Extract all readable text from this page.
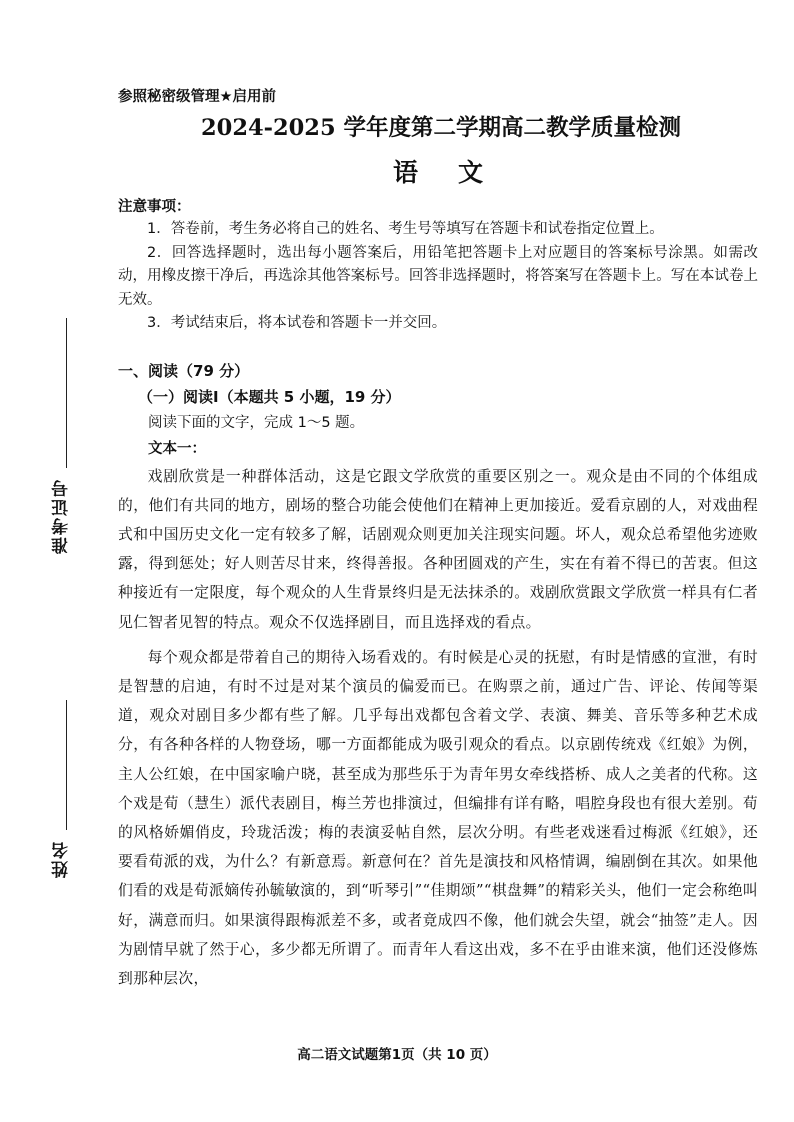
准考证号
姓名
参照秘密级管理★启用前
2024-2025 学年度第二学期高二教学质量检测
语文
注意事项：

1．答卷前，考生务必将自己的姓名、考生号等填写在答题卡和试卷指定位置上。

2．回答选择题时，选出每小题答案后，用铅笔把答题卡上对应题目的答案标号涂黑。如需改动，用橡皮擦干净后，再选涂其他答案标号。回答非选择题时，将答案写在答题卡上。写在本试卷上无效。

3．考试结束后，将本试卷和答题卡一并交回。

一、阅读（79 分）
（一）阅读Ⅰ（本题共 5 小题，19 分）
阅读下面的文字，完成 1～5 题。
文本一：

戏剧欣赏是一种群体活动，这是它跟文学欣赏的重要区别之一。观众是由不同的个体组成的，他们有共同的地方，剧场的整合功能会使他们在精神上更加接近。爱看京剧的人，对戏曲程式和中国历史文化一定有较多了解，话剧观众则更加关注现实问题。坏人，观众总希望他劣迹败露，得到惩处；好人则苦尽甘来，终得善报。各种团圆戏的产生，实在有着不得已的苦衷。但这种接近有一定限度，每个观众的人生背景终归是无法抹杀的。戏剧欣赏跟文学欣赏一样具有仁者见仁智者见智的特点。观众不仅选择剧目，而且选择戏的看点。

每个观众都是带着自己的期待入场看戏的。有时候是心灵的抚慰，有时是情感的宣泄，有时是智慧的启迪，有时不过是对某个演员的偏爱而已。在购票之前，通过广告、评论、传闻等渠道，观众对剧目多少都有些了解。几乎每出戏都包含着文学、表演、舞美、音乐等多种艺术成分，有各种各样的人物登场，哪一方面都能成为吸引观众的看点。以京剧传统戏《红娘》为例，主人公红娘，在中国家喻户晓，甚至成为那些乐于为青年男女牵线搭桥、成人之美者的代称。这个戏是荀（慧生）派代表剧目，梅兰芳也排演过，但编排有详有略，唱腔身段也有很大差别。荀的风格娇媚俏皮，玲珑活泼；梅的表演妥帖自然，层次分明。有些老戏迷看过梅派《红娘》，还要看荀派的戏，为什么？有新意焉。新意何在？首先是演技和风格情调，编剧倒在其次。如果他们看的戏是荀派嫡传孙毓敏演的，到“听琴引”“佳期颂”“棋盘舞”的精彩关头，他们一定会称绝叫好，满意而归。如果演得跟梅派差不多，或者竟成四不像，他们就会失望，就会“抽签”走人。因为剧情早就了然于心，多少都无所谓了。而青年人看这出戏，多不在乎由谁来演，他们还没修炼到那种层次，

高二语文试题第1页（共 10 页）
